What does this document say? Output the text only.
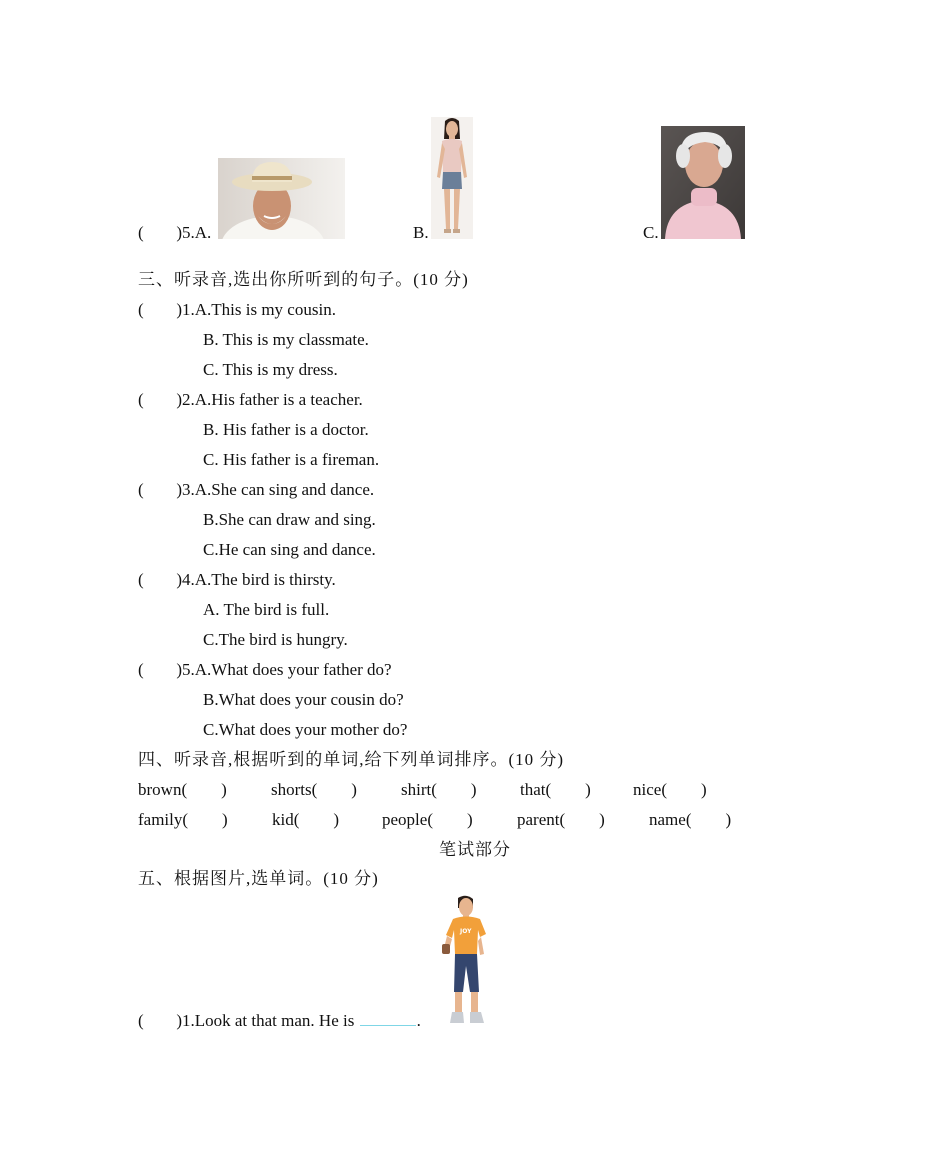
( ) 5.A.	B.	C.
三、听录音,选出你所听到的句子。(10 分)
( ) 1.A.This is my cousin.
B. This is my classmate.
C. This is my dress.
( ) 2.A.His father is a teacher.
B. His father is a doctor.
C. His father is a fireman.
( ) 3.A.She can sing and dance.
B.She can draw and sing.
C.He can sing and dance.
( ) 4.A.The bird is thirsty.
A. The bird is full.
C.The bird is hungry.
( ) 5.A.What does your father do?
B.What does your cousin do?
C.What does your mother do?
四、听录音,根据听到的单词,给下列单词排序。(10 分)
brown( )	shorts( )	shirt( )	that( ) nice( )
family( )	kid( )	people( )	parent( )	name( )
笔试部分
五、根据图片,选单词。(10 分)
JOY
( ) 1.Look at that man. He is	.
